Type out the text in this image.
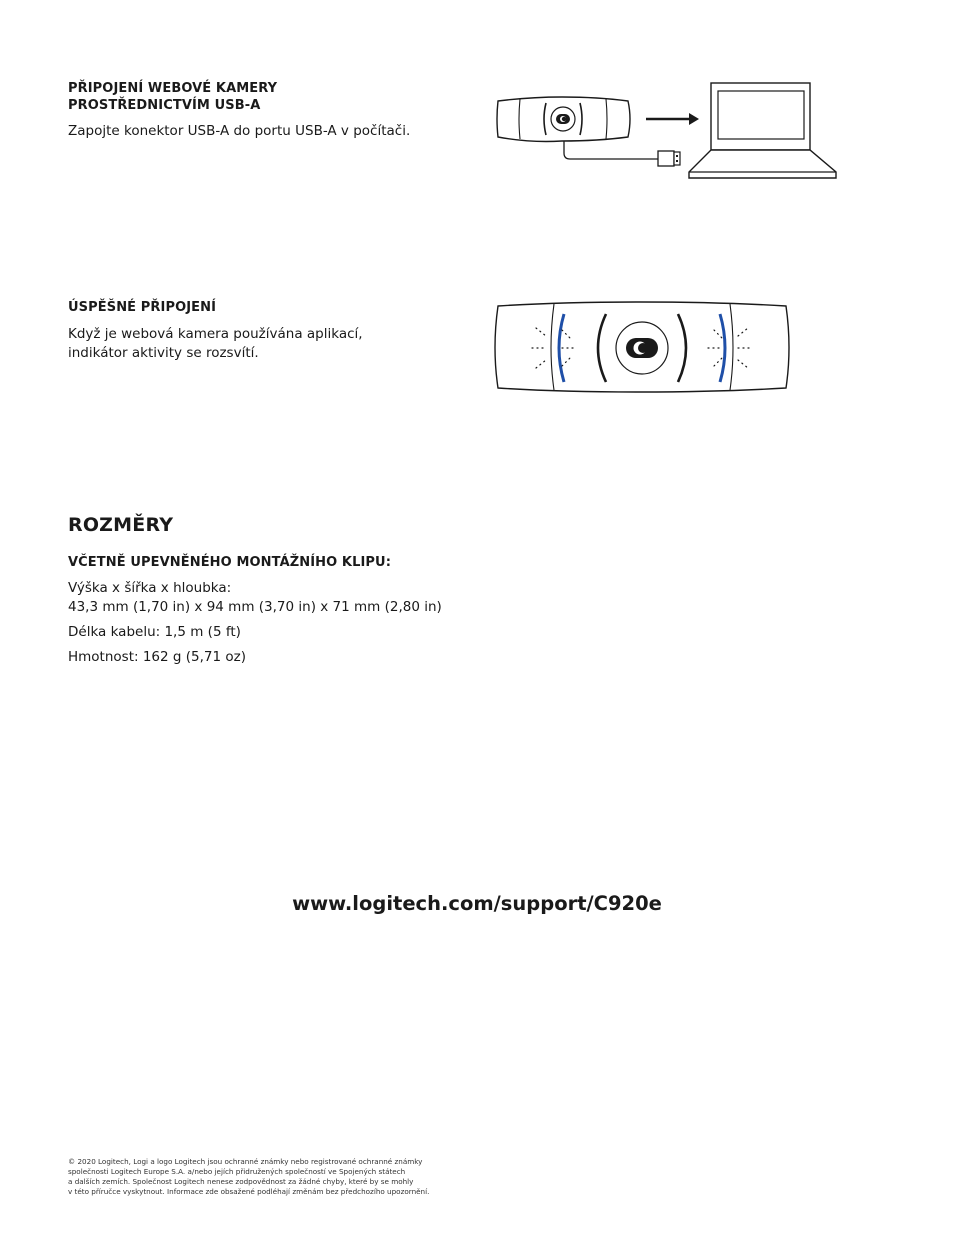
PŘIPOJENÍ WEBOVÉ KAMERY
PROSTŘEDNICTVÍM USB-A
Zapojte konektor USB-A do portu USB-A v počítači.
ÚSPĚŠNÉ PŘIPOJENÍ
Když je webová kamera používána aplikací,
indikátor aktivity se rozsvítí.
ROZMĚRY
VČETNĚ UPEVNĚNÉHO MONTÁŽNÍHO KLIPU:
Výška x šířka x hloubka:
43,3 mm (1,70 in) x 94 mm (3,70 in) x 71 mm (2,80 in)
Délka kabelu: 1,5 m (5 ft)
Hmotnost: 162 g (5,71 oz)
www.logitech.com/support/C920e
© 2020 Logitech, Logi a logo Logitech jsou ochranné známky nebo registrované ochranné známky
společnosti Logitech Europe S.A. a/nebo jejích přidružených společností ve Spojených státech
a dalších zemích. Společnost Logitech nenese zodpovědnost za žádné chyby, které by se mohly
v této příručce vyskytnout. Informace zde obsažené podléhají změnám bez předchozího upozornění.
